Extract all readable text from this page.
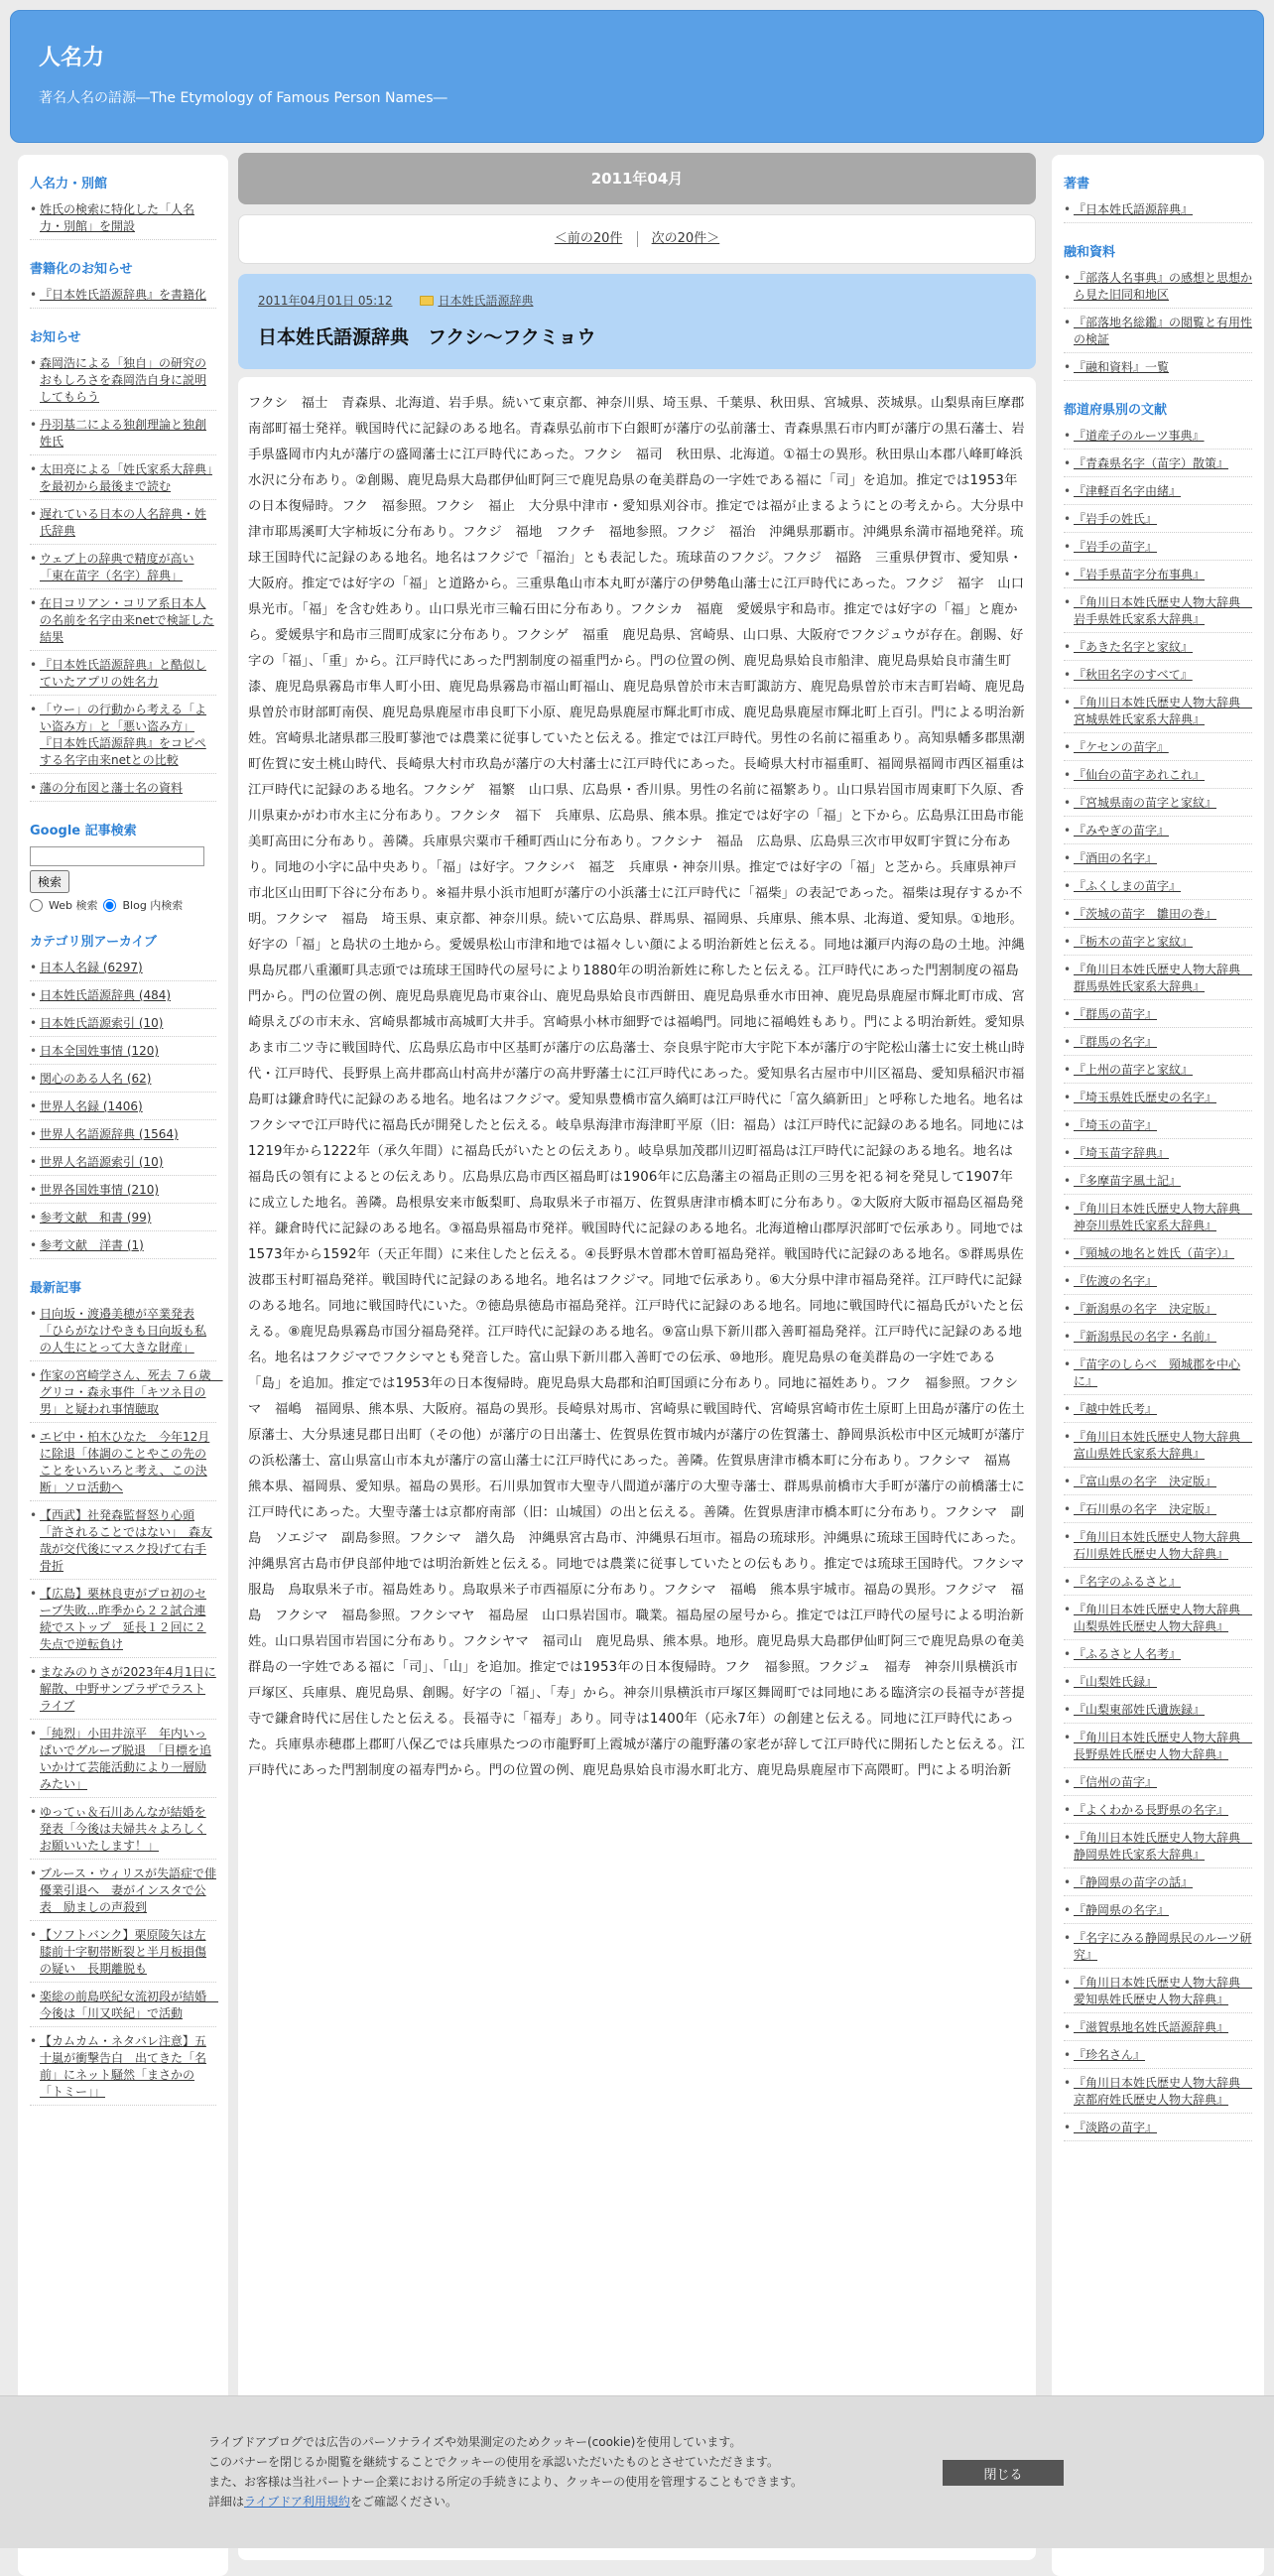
人名力
著名人名の語源―The Etymology of Famous Person Names―
人名力・別館
• 姓氏の検索に特化した「人名力・別館」を開設
書籍化のお知らせ
• 『日本姓氏語源辞典』を書籍化
お知らせ
• 森岡浩による「独自」の研究のおもしろさを森岡浩自身に説明してもらう
• 丹羽基二による独創理論と独創姓氏
• 太田亮による「姓氏家系大辞典」を最初から最後まで読む
• 遅れている日本の人名辞典・姓氏辞典
• ウェブ上の辞典で精度が高い「東在苗字（名字）辞典」
• 在日コリアン・コリア系日本人の名前を名字由来netで検証した結果
• 『日本姓氏語源辞典』と酷似していたアプリの姓名力
• 「ウー」の行動から考える「よい盗み方」と「悪い盗み方」 『日本姓氏語源辞典』をコピペする名字由来netとの比較
• 藩の分布図と藩士名の資料
Google 記事検索

検索
Web 検索 Blog 内検索
カテゴリ別アーカイブ
• 日本人名録 (6297)
• 日本姓氏語源辞典 (484)
• 日本姓氏語源索引 (10)
• 日本全国姓事情 (120)
• 関心のある人名 (62)
• 世界人名録 (1406)
• 世界人名語源辞典 (1564)
• 世界人名語源索引 (10)
• 世界各国姓事情 (210)
• 参考文献　和書 (99)
• 参考文献　洋書 (1)
最新記事
• 日向坂・渡邉美穂が卒業発表「ひらがなけやきも日向坂も私の人生にとって大きな財産」
• 作家の宮崎学さん、死去 ７６歳　グリコ・森永事件「キツネ目の男」と疑われ事情聴取
• エビ中・柏木ひなた　今年12月に除退「体調のことやこの先のことをいろいろと考え、この決断」ソロ活動へ
• 【西武】社発森監督怒り心頭「許されることではない」　森友哉が交代後にマスク投げて右手骨折
• 【広島】栗林良吏がプロ初のセーブ失敗…昨季から２２試合連続でストップ　延長１２回に２失点で逆転負け
• まなみのりさが2023年4月1日に解散、中野サンプラザでラストライブ
• 「純烈」小田井涼平　年内いっぱいでグループ脱退　「目標を追いかけて芸能活動により一層励みたい」
• ゆってぃ＆石川あんなが結婚を発表「今後は夫婦共々よろしくお願いいたします！」
• ブルース・ウィリスが失語症で俳優業引退へ　妻がインスタで公表　励ましの声殺到
• 【ソフトバンク】栗原陵矢は左膝前十字靭帯断裂と半月板損傷の疑い　長期離脱も
• 楽総の前島咲紀女流初段が結婚　今後は「川又咲紀」で活動
• 【カムカム・ネタバレ注意】五十嵐が衝撃告白　出てきた「名前」にネット騒然「まさかの「トミー」」
2011年04月
＜前の20件 次の20件＞
2011年04月01日 05:12	日本姓氏語源辞典
日本姓氏語源辞典　フクシ～フクミョウ

フクシ　福士　青森県、北海道、岩手県。続いて東京都、神奈川県、埼玉県、千葉県、秋田県、宮城県、茨城県。山梨県南巨摩郡南部町福士発祥。戦国時代に記録のある地名。青森県弘前市下白銀町が藩庁の弘前藩士、青森県黒石市内町が藩庁の黒石藩士、岩手県盛岡市内丸が藩庁の盛岡藩士に江戸時代にあった。フクシ　福司　秋田県、北海道。①福士の異形。秋田県山本郡八峰町峰浜水沢に分布あり。②創賜、鹿児島県大島郡伊仙町阿三で鹿児島県の奄美群島の一字姓である福に「司」を追加。推定では1953年の日本復帰時。フク　福参照。フクシ　福止　大分県中津市・愛知県刈谷市。推定では福が止まるようにとの考えから。大分県中津市耶馬溪町大字柿坂に分布あり。フクジ　福地　フクチ　福地参照。フクジ　福治　沖縄県那覇市。沖縄県糸満市福地発祥。琉球王国時代に記録のある地名。地名はフクジで「福治」とも表記した。琉球苗のフクジ。フクジ　福路　三重県伊賀市、愛知県・大阪府。推定では好字の「福」と道路から。三重県亀山市本丸町が藩庁の伊勢亀山藩士に江戸時代にあった。フクジ　福字　山口県光市。「福」を含む姓あり。山口県光市三輪石田に分布あり。フクシカ　福鹿　愛媛県宇和島市。推定では好字の「福」と鹿から。愛媛県宇和島市三間町成家に分布あり。フクシゲ　福重　鹿児島県、宮崎県、山口県、大阪府でフクジュウが存在。創賜、好字の「福」、「重」から。江戸時代にあった門割制度の福重門から。門の位置の例、鹿児島県姶良市船津、鹿児島県姶良市蒲生町漆、鹿児島県霧島市隼人町小田、鹿児島県霧島市福山町福山、鹿児島県曽於市末吉町諏訪方、鹿児島県曽於市末吉町岩崎、鹿児島県曽於市財部町南俣、鹿児島県鹿屋市串良町下小原、鹿児島県鹿屋市輝北町市成、鹿児島県鹿屋市輝北町上百引。門による明治新姓。宮崎県北諸県郡三股町蓼池では農業に従事していたと伝える。推定では江戸時代。男性の名前に福重あり。高知県幡多郡黒潮町佐賀に安土桃山時代、長崎県大村市玖島が藩庁の大村藩士に江戸時代にあった。長崎県大村市福重町、福岡県福岡市西区福重は江戸時代に記録のある地名。フクシゲ　福繁　山口県、広島県・香川県。男性の名前に福繁あり。山口県岩国市周東町下久原、香川県東かがわ市水主に分布あり。フクシタ　福下　兵庫県、広島県、熊本県。推定では好字の「福」と下から。広島県江田島市能美町高田に分布あり。善隣。兵庫県宍粟市千種町西山に分布あり。フクシナ　福品　広島県、広島県三次市甲奴町宇賀に分布あり。同地の小字に品中央あり。「福」は好字。フクシバ　福芝　兵庫県・神奈川県。推定では好字の「福」と芝から。兵庫県神戸市北区山田町下谷に分布あり。※福井県小浜市旭町が藩庁の小浜藩士に江戸時代に「福柴」の表記であった。福柴は現存するか不明。フクシマ　福島　埼玉県、東京都、神奈川県。続いて広島県、群馬県、福岡県、兵庫県、熊本県、北海道、愛知県。①地形。好字の「福」と島状の土地から。愛媛県松山市津和地では福々しい顔による明治新姓と伝える。同地は瀬戸内海の島の土地。沖縄県島尻郡八重瀬町具志頭では琉球王国時代の屋号により1880年の明治新姓に称したと伝える。江戸時代にあった門割制度の福島門から。門の位置の例、鹿児島県鹿児島市東谷山、鹿児島県姶良市西餅田、鹿児島県垂水市田神、鹿児島県鹿屋市輝北町市成、宮崎県えびの市末永、宮崎県都城市高城町大井手。宮崎県小林市細野では福嶋門。同地に福嶋姓もあり。門による明治新姓。愛知県あま市二ツ寺に戦国時代、広島県広島市中区基町が藩庁の広島藩士、奈良県宇陀市大宇陀下本が藩庁の宇陀松山藩士に安土桃山時代・江戸時代、長野県上高井郡高山村高井が藩庁の高井野藩士に江戸時代にあった。愛知県名古屋市中川区福島、愛知県稲沢市福島町は鎌倉時代に記録のある地名。地名はフクジマ。愛知県豊橋市富久縞町は江戸時代に「富久縞新田」と呼称した地名。地名はフクシマで江戸時代に福島氏が開発したと伝える。岐阜県海津市海津町平原（旧：福島）は江戸時代に記録のある地名。同地には1219年から1222年（承久年間）に福島氏がいたとの伝えあり。岐阜県加茂郡川辺町福島は江戸時代に記録のある地名。地名は福島氏の領有によるとの伝えあり。広島県広島市西区福島町は1906年に広島藩主の福島正則の三男を祀る祠を発見して1907年に成立した地名。善隣。島根県安来市飯梨町、鳥取県米子市福万、佐賀県唐津市橋本町に分布あり。②大阪府大阪市福島区福島発祥。鎌倉時代に記録のある地名。③福島県福島市発祥。戦国時代に記録のある地名。北海道檜山郡厚沢部町で伝承あり。同地では1573年から1592年（天正年間）に来住したと伝える。④長野県木曽郡木曽町福島発祥。戦国時代に記録のある地名。⑤群馬県佐波郡玉村町福島発祥。戦国時代に記録のある地名。地名はフクジマ。同地で伝承あり。⑥大分県中津市福島発祥。江戸時代に記録のある地名。同地に戦国時代にいた。⑦徳島県徳島市福島発祥。江戸時代に記録のある地名。同地に戦国時代に福島氏がいたと伝える。⑧鹿児島県霧島市国分福島発祥。江戸時代に記録のある地名。⑨富山県下新川郡入善町福島発祥。江戸時代に記録のある地名。地名はフクジマでフクシマとも発音した。富山県下新川郡入善町での伝承、⑩地形。鹿児島県の奄美群島の一字姓である「島」を追加。推定では1953年の日本復帰時。鹿児島県大島郡和泊町国頭に分布あり。同地に福姓あり。フク　福参照。フクシマ　福嶋　福岡県、熊本県、大阪府。福島の異形。長崎県対馬市、宮崎県に戦国時代、宮崎県宮崎市佐土原町上田島が藩庁の佐土原藩士、大分県速見郡日出町（その他）が藩庁の日出藩士、佐賀県佐賀市城内が藩庁の佐賀藩士、静岡県浜松市中区元城町が藩庁の浜松藩士、富山県富山市本丸が藩庁の富山藩士に江戸時代にあった。善隣。佐賀県唐津市橋本町に分布あり。フクシマ　福嶌　熊本県、福岡県、愛知県。福島の異形。石川県加賀市大聖寺八間道が藩庁の大聖寺藩士、群馬県前橋市大手町が藩庁の前橋藩士に江戸時代にあった。大聖寺藩士は京都府南部（旧：山城国）の出と伝える。善隣。佐賀県唐津市橋本町に分布あり。フクシマ　副島　ソエジマ　副島参照。フクシマ　譜久島　沖縄県宮古島市、沖縄県石垣市。福島の琉球形。沖縄県に琉球王国時代にあった。沖縄県宮古島市伊良部仲地では明治新姓と伝える。同地では農業に従事していたとの伝もあり。推定では琉球王国時代。フクシマ　服島　鳥取県米子市。福島姓あり。鳥取県米子市西福原に分布あり。フクシマ　福嶋　熊本県宇城市。福島の異形。フクジマ　福島　フクシマ　福島参照。フクシマヤ　福島屋　山口県岩国市。職業。福島屋の屋号から。推定では江戸時代の屋号による明治新姓。山口県岩国市岩国に分布あり。フクシヤマ　福司山　鹿児島県、熊本県。地形。鹿児島県大島郡伊仙町阿三で鹿児島県の奄美群島の一字姓である福に「司」、「山」を追加。推定では1953年の日本復帰時。フク　福参照。フクジュ　福寿　神奈川県横浜市戸塚区、兵庫県、鹿児島県、創賜。好字の「福」、「寿」から。神奈川県横浜市戸塚区舞岡町では同地にある臨済宗の長福寺が菩提寺で鎌倉時代に居住したと伝える。長福寺に「福寿」あり。同寺は1400年（応永7年）の創建と伝える。同地に江戸時代にあった。兵庫県赤穂郡上郡町八保乙では兵庫県たつの市龍野町上霞城が藩庁の龍野藩の家老が辞して江戸時代に開拓したと伝える。江戸時代にあった門割制度の福寿門から。門の位置の例、鹿児島県姶良市湯水町北方、鹿児島県鹿屋市下高隈町。門による明治新

著書
• 『日本姓氏語源辞典』
融和資料
• 『部落人名事典』の感想と思想から見た旧同和地区
• 『部落地名総鑑』の閲覧と有用性の検証
• 『融和資料』一覧
都道府県別の文献
• 『道産子のルーツ事典』
• 『青森県名字（苗字）散策』
• 『津軽百名字由緒』
• 『岩手の姓氏』
• 『岩手の苗字』
• 『岩手県苗字分布事典』
• 『角川日本姓氏歴史人物大辞典　岩手県姓氏家系大辞典』
• 『あきた名字と家紋』
• 『秋田名字のすべて』
• 『角川日本姓氏歴史人物大辞典　宮城県姓氏家系大辞典』
• 『ケセンの苗字』
• 『仙台の苗字あれこれ』
• 『宮城県南の苗字と家紋』
• 『みやぎの苗字』
• 『酒田の名字』
• 『ふくしまの苗字』
• 『茨城の苗字　雛田の巻』
• 『栃木の苗字と家紋』
• 『角川日本姓氏歴史人物大辞典　群馬県姓氏家系大辞典』
• 『群馬の苗字』
• 『群馬の名字』
• 『上州の苗字と家紋』
• 『埼玉県姓氏歴史の名字』
• 『埼玉の苗字』
• 『埼玉苗字辞典』
• 『多摩苗字風土記』
• 『角川日本姓氏歴史人物大辞典　神奈川県姓氏家系大辞典』
• 『頸城の地名と姓氏（苗字）』
• 『佐渡の名字』
• 『新潟県の名字　決定版』
• 『新潟県民の名字・名前』
• 『苗字のしらべ　頸城郡を中心に』
• 『越中姓氏考』
• 『角川日本姓氏歴史人物大辞典　富山県姓氏家系大辞典』
• 『富山県の名字　決定版』
• 『石川県の名字　決定版』
• 『角川日本姓氏歴史人物大辞典　石川県姓氏歴史人物大辞典』
• 『名字のふるさと』
• 『角川日本姓氏歴史人物大辞典　山梨県姓氏歴史人物大辞典』
• 『ふるさと人名考』
• 『山梨姓氏録』
• 『山梨東部姓氏遺族録』
• 『角川日本姓氏歴史人物大辞典　長野県姓氏歴史人物大辞典』
• 『信州の苗字』
• 『よくわかる長野県の名字』
• 『角川日本姓氏歴史人物大辞典　静岡県姓氏家系大辞典』
• 『静岡県の苗字の話』
• 『静岡県の名字』
• 『名字にみる静岡県民のルーツ研究』
• 『角川日本姓氏歴史人物大辞典　愛知県姓氏歴史人物大辞典』
• 『滋賀県地名姓氏語源辞典』
• 『珍名さん』
• 『角川日本姓氏歴史人物大辞典　京都府姓氏歴史人物大辞典』
• 『淡路の苗字』
ライブドアブログでは広告のパーソナライズや効果測定のためクッキー(cookie)を使用しています。
このバナーを閉じるか閲覧を継続することでクッキーの使用を承認いただいたものとさせていただきます。
また、お客様は当社パートナー企業における所定の手続きにより、クッキーの使用を管理することもできます。
詳細はライブドア利用規約をご確認ください。
閉じる
